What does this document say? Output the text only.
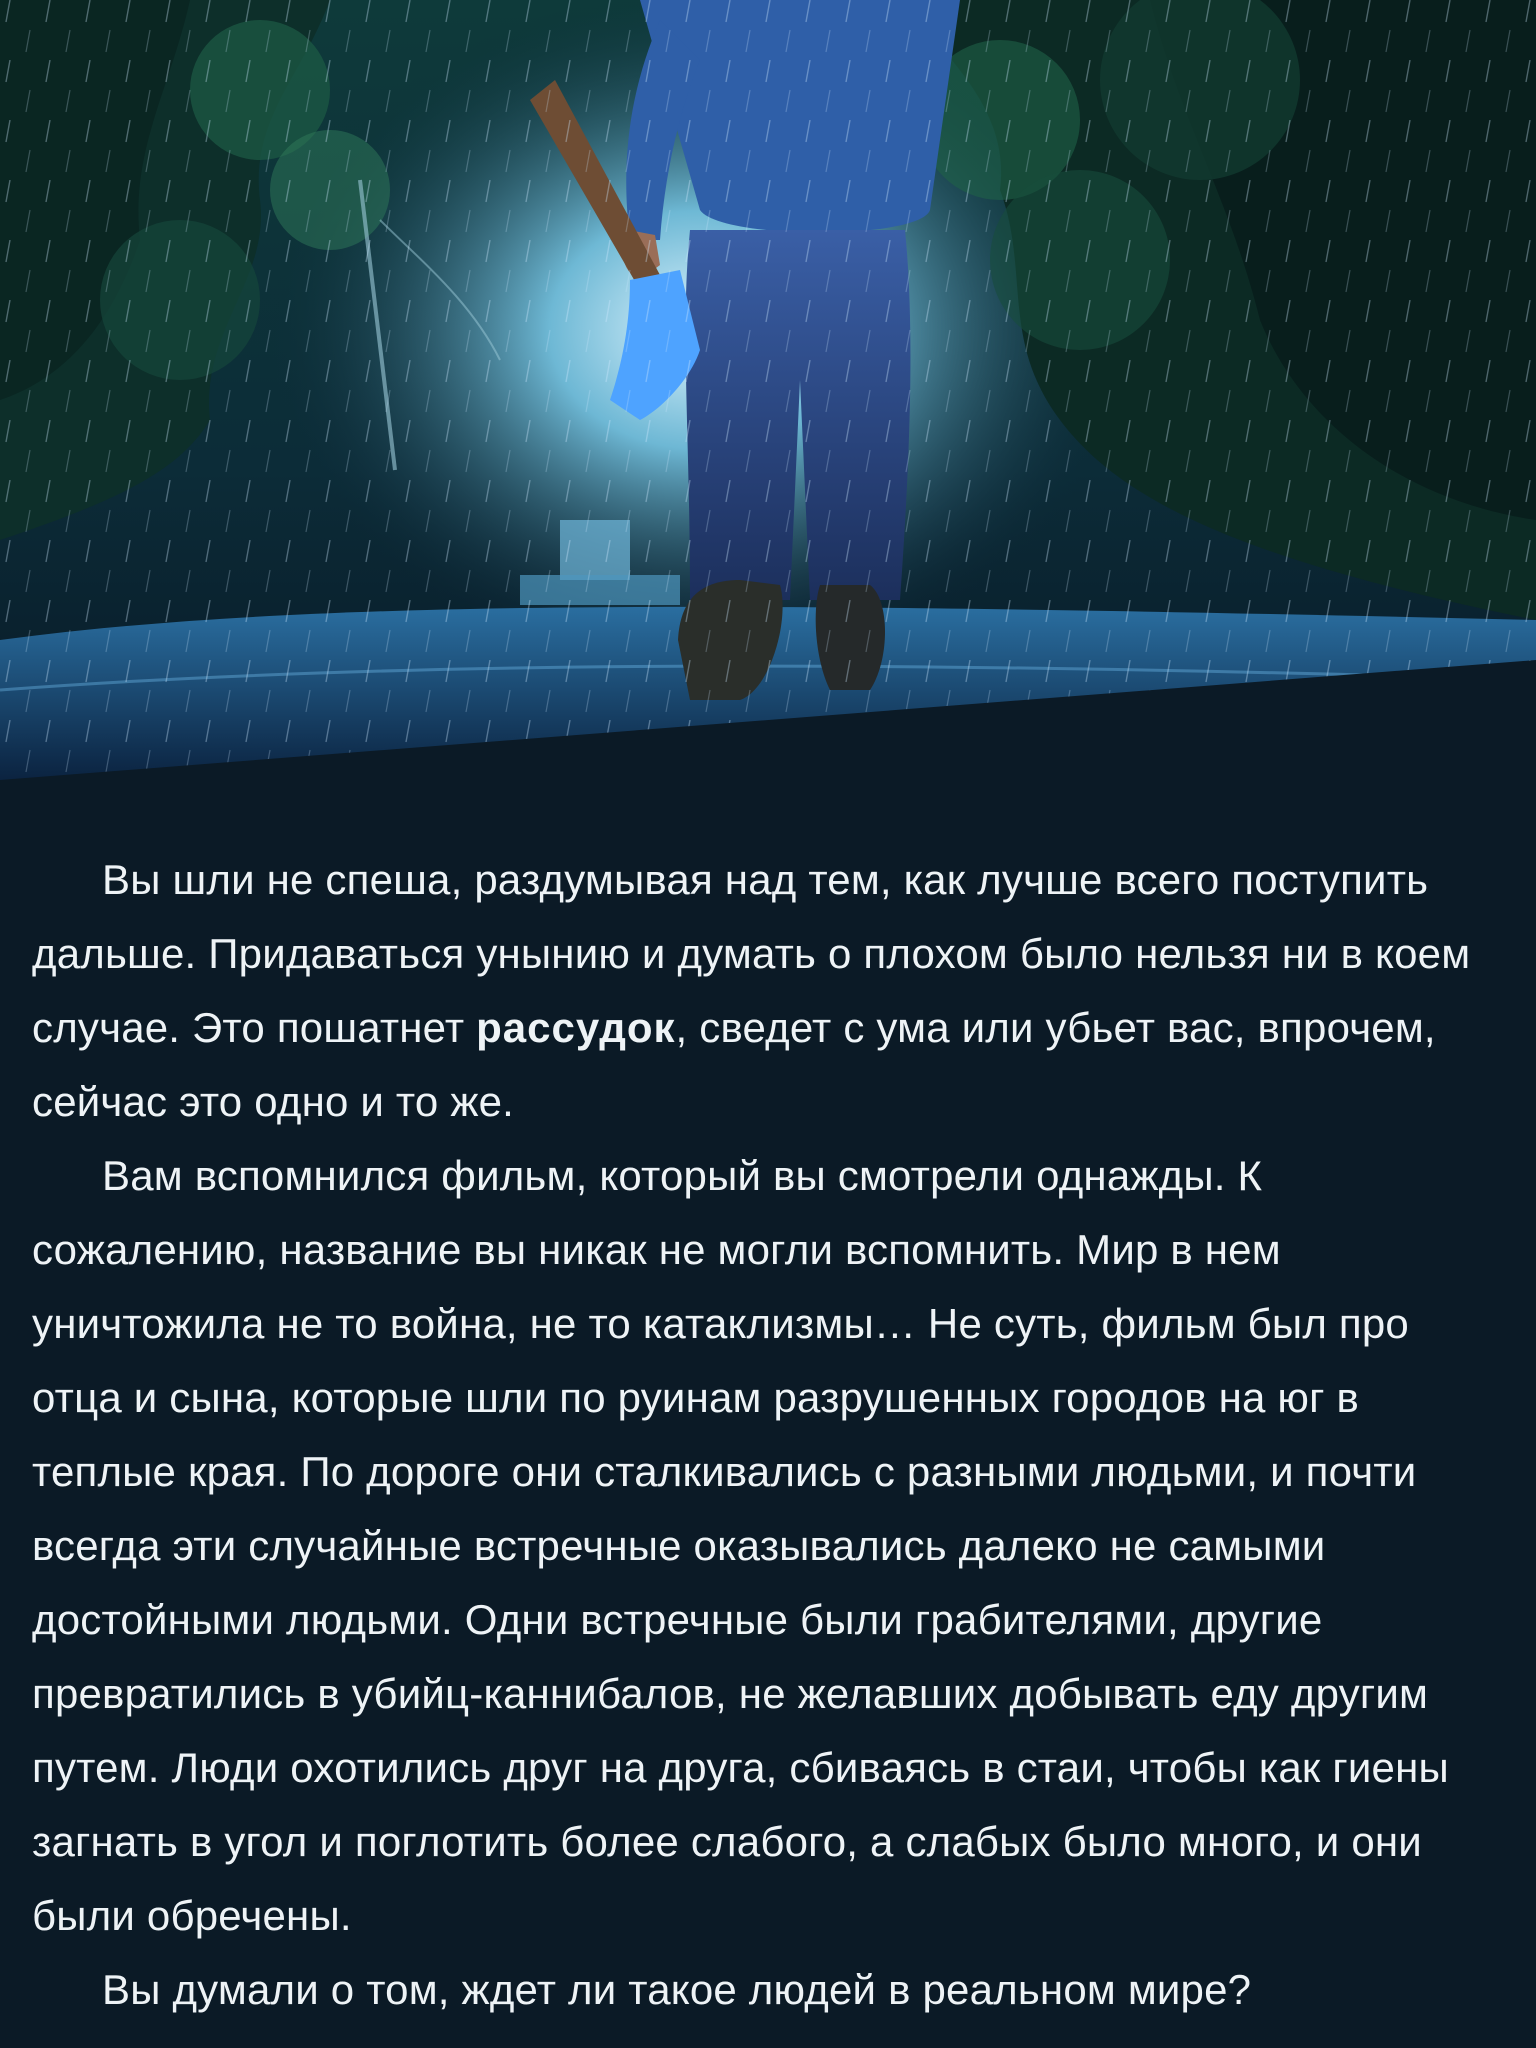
Вы шли не спеша, раздумывая над тем, как лучше всего поступить дальше. Придаваться унынию и думать о плохом было нельзя ни в коем случае. Это пошатнет рассудок, сведет с ума или убьет вас, впрочем, сейчас это одно и то же.

Вам вспомнился фильм, который вы смотрели однажды. К сожалению, название вы никак не могли вспомнить. Мир в нем уничтожила не то война, не то катаклизмы… Не суть, фильм был про отца и сына, которые шли по руинам разрушенных городов на юг в теплые края. По дороге они сталкивались с разными людьми, и почти всегда эти случайные встречные оказывались далеко не самыми достойными людьми. Одни встречные были грабителями, другие превратились в убийц-каннибалов, не желавших добывать еду другим путем. Люди охотились друг на друга, сбиваясь в стаи, чтобы как гиены загнать в угол и поглотить более слабого, а слабых было много, и они были обречены.

Вы думали о том, ждет ли такое людей в реальном мире?
